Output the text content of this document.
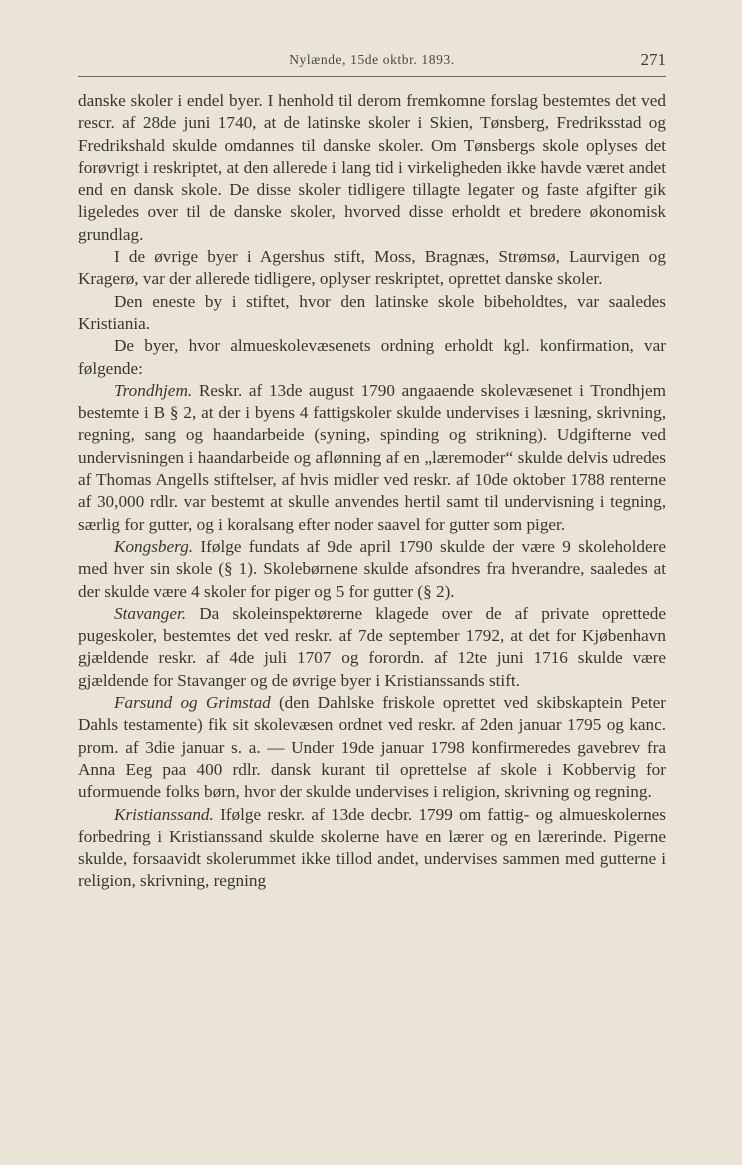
Nylænde, 15de oktbr. 1893.	271

danske skoler i endel byer. I henhold til derom fremkomne forslag bestemtes det ved rescr. af 28de juni 1740, at de latinske skoler i Skien, Tønsberg, Fredriksstad og Fredrikshald skulde omdannes til danske skoler. Om Tønsbergs skole oplyses det forøvrigt i reskriptet, at den allerede i lang tid i virkeligheden ikke havde været andet end en dansk skole. De disse skoler tidligere tillagte legater og faste afgifter gik ligeledes over til de danske skoler, hvorved disse erholdt et bredere økonomisk grundlag.

I de øvrige byer i Agershus stift, Moss, Bragnæs, Strømsø, Laurvigen og Kragerø, var der allerede tidligere, oplyser reskriptet, oprettet danske skoler.

Den eneste by i stiftet, hvor den latinske skole bibeholdtes, var saaledes Kristiania.

De byer, hvor almueskolevæsenets ordning erholdt kgl. konfirmation, var følgende:

Trondhjem. Reskr. af 13de august 1790 angaaende skolevæsenet i Trondhjem bestemte i B § 2, at der i byens 4 fattigskoler skulde undervises i læsning, skrivning, regning, sang og haandarbeide (syning, spinding og strikning). Udgifterne ved undervisningen i haandarbeide og aflønning af en „læremoder“ skulde delvis udredes af Thomas Angells stiftelser, af hvis midler ved reskr. af 10de oktober 1788 renterne af 30,000 rdlr. var bestemt at skulle anvendes hertil samt til undervisning i tegning, særlig for gutter, og i koralsang efter noder saavel for gutter som piger.

Kongsberg. Ifølge fundats af 9de april 1790 skulde der være 9 skoleholdere med hver sin skole (§ 1). Skolebørnene skulde afsondres fra hverandre, saaledes at der skulde være 4 skoler for piger og 5 for gutter (§ 2).

Stavanger. Da skoleinspektørerne klagede over de af private oprettede pugeskoler, bestemtes det ved reskr. af 7de september 1792, at det for Kjøbenhavn gjældende reskr. af 4de juli 1707 og forordn. af 12te juni 1716 skulde være gjældende for Stavanger og de øvrige byer i Kristianssands stift.

Farsund og Grimstad (den Dahlske friskole oprettet ved skibskaptein Peter Dahls testamente) fik sit skolevæsen ordnet ved reskr. af 2den januar 1795 og kanc. prom. af 3die januar s. a. — Under 19de januar 1798 konfirmeredes gavebrev fra Anna Eeg paa 400 rdlr. dansk kurant til oprettelse af skole i Kobbervig for uformuende folks børn, hvor der skulde undervises i religion, skrivning og regning.

Kristianssand. Ifølge reskr. af 13de decbr. 1799 om fattig- og almueskolernes forbedring i Kristianssand skulde skolerne have en lærer og en lærerinde. Pigerne skulde, forsaavidt skolerummet ikke tillod andet, undervises sammen med gutterne i religion, skrivning, regning
